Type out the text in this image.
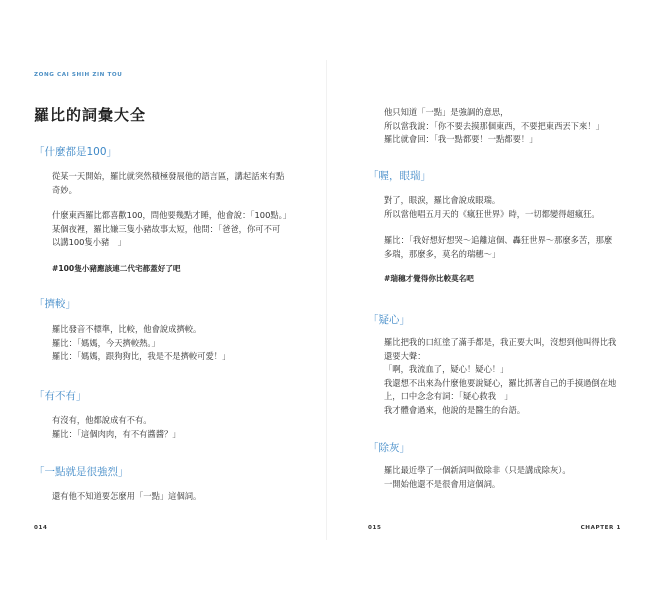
ZONG CAI SHIH ZIN TOU
羅比的詞彙大全
「什麼都是100」
從某一天開始，羅比就突然積極發展他的語言區，講起話來有點
奇妙。
什麼東西羅比都喜歡100，問他要幾點才睡，他會說：「100點。」
某個夜裡，羅比嫌三隻小豬故事太短，他問：「爸爸，你可不可
以講100隻小豬　」
#100隻小豬應該連二代宅都蓋好了吧
「擠較」
羅比發音不標準，比較，他會說成擠較。
羅比：「媽媽，今天擠較熱。」
羅比：「媽媽，跟狗狗比，我是不是擠較可愛！」
「有不有」
有沒有，他都說成有不有。
羅比：「這個肉肉，有不有醬醬？」
「一點就是很強烈」
還有他不知道要怎麼用「一點」這個詞。
014
他只知道「一點」是強調的意思，
所以當我說：「你不要去摸那個東西，不要把東西丟下來！」
羅比就會回：「我一點都要！一點都要！」
「喔，眼瑞」
對了，眼淚，羅比會說成眼瑞。
所以當他唱五月天的《瘋狂世界》時，一切都變得超瘋狂。
羅比：「我好想好想哭～追離這個、轟狂世界～那麼多苦，那麼
多瑞，那麼多，莫名的瑞穗～」
#瑞穗才覺得你比較莫名吧
「疑心」
羅比把我的口紅塗了滿手都是，我正要大叫，沒想到他叫得比我
還要大聲：
「啊，我流血了，疑心！疑心！」
我還想不出來為什麼他要說疑心，羅比抓著自己的手摸過倒在地
上，口中念念有詞：「疑心救我　」
我才體會過來，他說的是醫生的台語。
「除灰」
羅比最近學了一個新詞叫做除非（只是講成除灰）。
一開始他還不是很會用這個詞。
015	CHAPTER 1
